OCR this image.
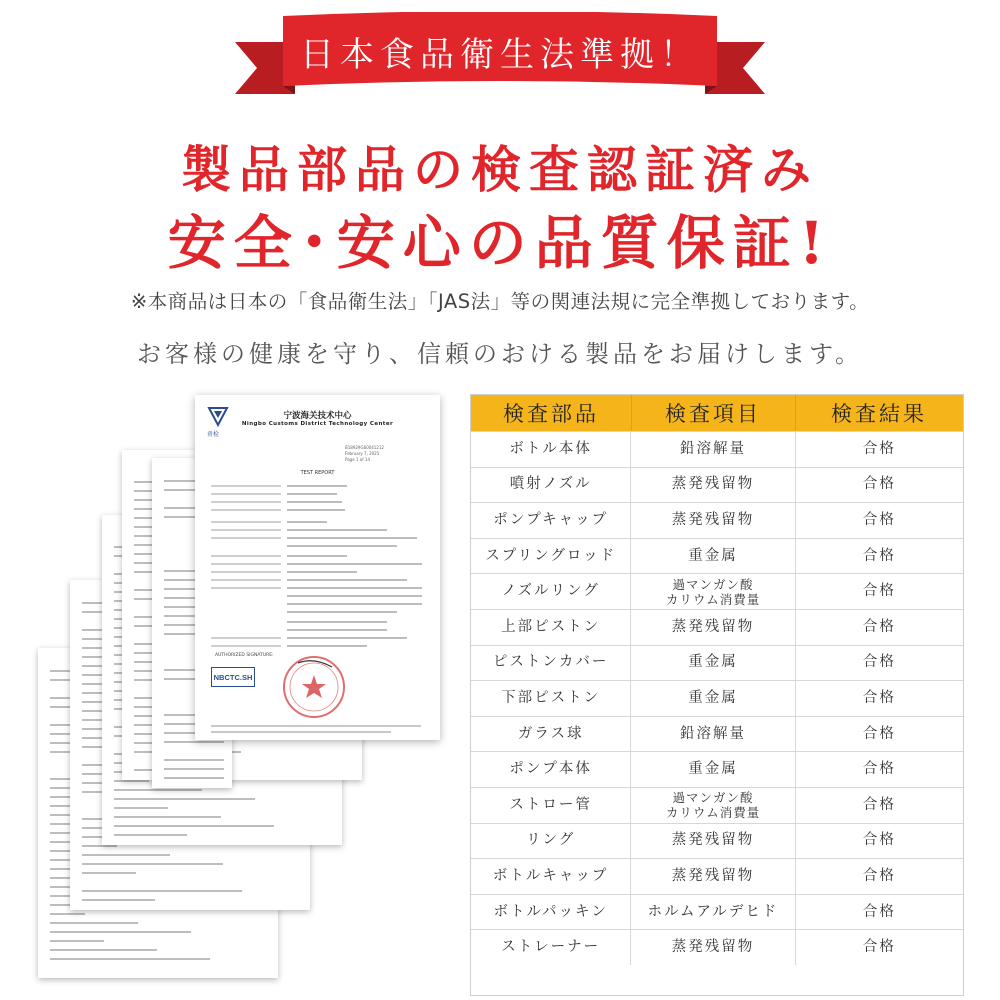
日本食品衛生法準拠！
製品部品の検査認証済み
安全･安心の品質保証!
※本商品は日本の「食品衛生法」「JAS法」等の関連法規に完全準拠しております。
お客様の健康を守り、信頼のおける製品をお届けします。
甬检
宁波海关技术中心
Ningbo Customs District Technology Center
B18929G60041212
February 7, 2025
Page 1 of 14
TEST REPORT
AUTHORIZED SIGNATURE:
NBCTC.SH
検査部品	検査項目	検査結果
ボトル本体	鉛溶解量	合格
噴射ノズル	蒸発残留物	合格
ポンプキャップ	蒸発残留物	合格
スプリングロッド	重金属	合格
ノズルリング	過マンガン酸
カリウム消費量	合格
上部ピストン	蒸発残留物	合格
ピストンカバー	重金属	合格
下部ピストン	重金属	合格
ガラス球	鉛溶解量	合格
ポンプ本体	重金属	合格
ストロー管	過マンガン酸
カリウム消費量	合格
リング	蒸発残留物	合格
ボトルキャップ	蒸発残留物	合格
ボトルパッキン	ホルムアルデヒド	合格
ストレーナー	蒸発残留物	合格
